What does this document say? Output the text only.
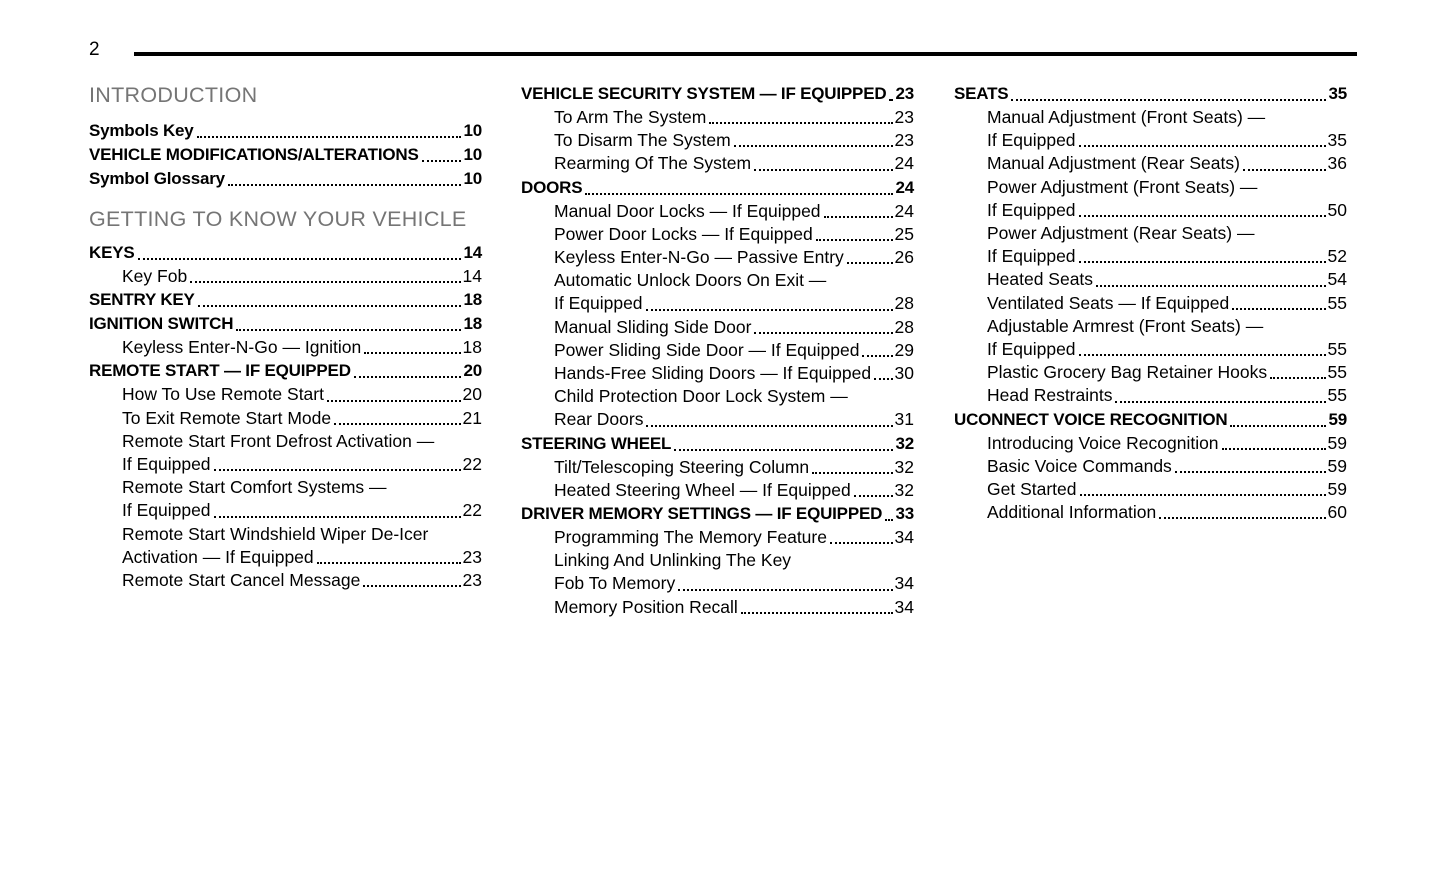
2
INTRODUCTION
Symbols Key	10
VEHICLE MODIFICATIONS/ALTERATIONS	10
Symbol Glossary	10
GETTING TO KNOW YOUR VEHICLE
KEYS	14
Key Fob	14
SENTRY KEY	18
IGNITION SWITCH	18
Keyless Enter-N-Go — Ignition	18
REMOTE START — IF EQUIPPED	20
How To Use Remote Start	20
To Exit Remote Start Mode	21
Remote Start Front Defrost Activation —
If Equipped	22
Remote Start Comfort Systems —
If Equipped	22
Remote Start Windshield Wiper De-Icer
Activation — If Equipped	23
Remote Start Cancel Message	23
VEHICLE SECURITY SYSTEM — IF EQUIPPED 23
To Arm The System	23
To Disarm The System	23
Rearming Of The System	24
DOORS	24
Manual Door Locks — If Equipped	24
Power Door Locks — If Equipped	25
Keyless Enter-N-Go — Passive Entry	26
Automatic Unlock Doors On Exit —
If Equipped	28
Manual Sliding Side Door	28
Power Sliding Side Door — If Equipped 29
Hands-Free Sliding Doors — If Equipped 30
Child Protection Door Lock System —
Rear Doors	31
STEERING WHEEL	32
Tilt/Telescoping Steering Column	32
Heated Steering Wheel — If Equipped	32
DRIVER MEMORY SETTINGS — IF EQUIPPED 33
Programming The Memory Feature	34
Linking And Unlinking The Key
Fob To Memory	34
Memory Position Recall	34
SEATS	35
Manual Adjustment (Front Seats) —
If Equipped	35
Manual Adjustment (Rear Seats)	36
Power Adjustment (Front Seats) —
If Equipped	50
Power Adjustment (Rear Seats) —
If Equipped	52
Heated Seats	54
Ventilated Seats — If Equipped	55
Adjustable Armrest (Front Seats) —
If Equipped	55
Plastic Grocery Bag Retainer Hooks	55
Head Restraints	55
UCONNECT VOICE RECOGNITION	59
Introducing Voice Recognition	59
Basic Voice Commands	59
Get Started	59
Additional Information	60
